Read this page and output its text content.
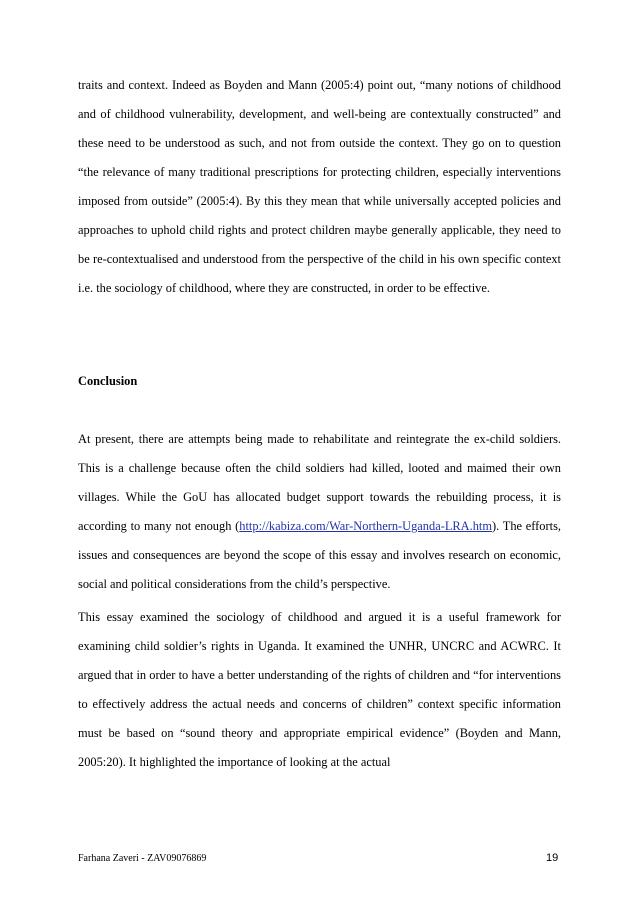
traits and context. Indeed as Boyden and Mann (2005:4) point out, “many notions of childhood and of childhood vulnerability, development, and well-being are contextually constructed” and these need to be understood as such, and not from outside the context. They go on to question “the relevance of many traditional prescriptions for protecting children, especially interventions imposed from outside” (2005:4). By this they mean that while universally accepted policies and approaches to uphold child rights and protect children maybe generally applicable, they need to be re-contextualised and understood from the perspective of the child in his own specific context i.e. the sociology of childhood, where they are constructed, in order to be effective.

Conclusion

At present, there are attempts being made to rehabilitate and reintegrate the ex-child soldiers. This is a challenge because often the child soldiers had killed, looted and maimed their own villages. While the GoU has allocated budget support towards the rebuilding process, it is according to many not enough (http://kabiza.com/War-Northern-Uganda-LRA.htm). The efforts, issues and consequences are beyond the scope of this essay and involves research on economic, social and political considerations from the child’s perspective.

This essay examined the sociology of childhood and argued it is a useful framework for examining child soldier’s rights in Uganda. It examined the UNHR, UNCRC and ACWRC. It argued that in order to have a better understanding of the rights of children and “for interventions to effectively address the actual needs and concerns of children” context specific information must be based on “sound theory and appropriate empirical evidence” (Boyden and Mann, 2005:20). It highlighted the importance of looking at the actual

Farhana Zaveri - ZAV09076869	19
